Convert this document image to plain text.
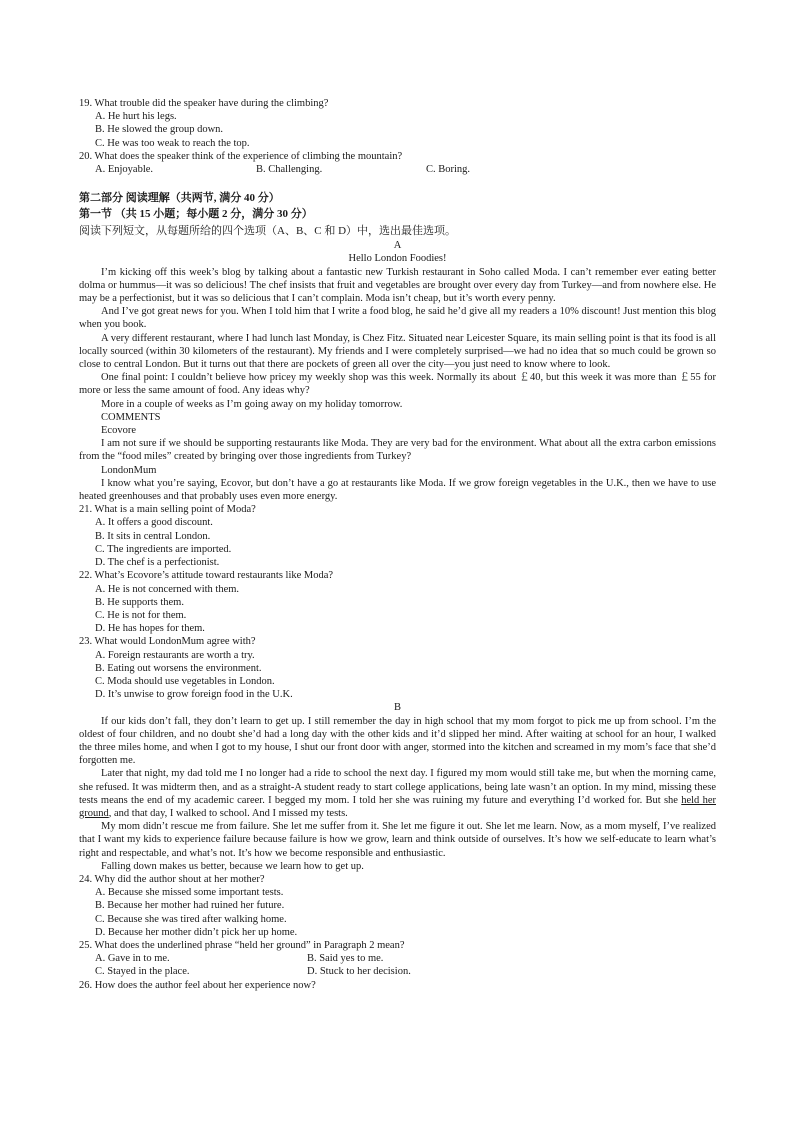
19. What trouble did the speaker have during the climbing?
A. He hurt his legs.
B. He slowed the group down.
C. He was too weak to reach the top.
20. What does the speaker think of the experience of climbing the mountain?
A. Enjoyable.	B. Challenging.	C. Boring.
第二部分 阅读理解（共两节, 满分 40 分）
第一节 （共 15 小题；每小题 2 分，满分 30 分）
阅读下列短文，从每题所给的四个选项（A、B、C 和 D）中，选出最佳选项。
A
Hello London Foodies!
I’m kicking off this week’s blog by talking about a fantastic new Turkish restaurant in Soho called Moda. I can’t remember ever eating better dolma or hummus—it was so delicious! The chef insists that fruit and vegetables are brought over every day from Turkey—and from nowhere else. He may be a perfectionist, but it was so delicious that I can’t complain. Moda isn’t cheap, but it’s worth every penny.
And I’ve got great news for you. When I told him that I write a food blog, he said he’d give all my readers a 10% discount! Just mention this blog when you book.
A very different restaurant, where I had lunch last Monday, is Chez Fitz. Situated near Leicester Square, its main selling point is that its food is all locally sourced (within 30 kilometers of the restaurant). My friends and I were completely surprised—we had no idea that so much could be grown so close to central London. But it turns out that there are pockets of green all over the city—you just need to know where to look.
One final point: I couldn’t believe how pricey my weekly shop was this week. Normally its about ￡40, but this week it was more than ￡55 for more or less the same amount of food. Any ideas why?
More in a couple of weeks as I’m going away on my holiday tomorrow.
COMMENTS
Ecovore
I am not sure if we should be supporting restaurants like Moda. They are very bad for the environment. What about all the extra carbon emissions from the “food miles” created by bringing over those ingredients from Turkey?
LondonMum
I know what you’re saying, Ecovor, but don’t have a go at restaurants like Moda. If we grow foreign vegetables in the U.K., then we have to use heated greenhouses and that probably uses even more energy.
21. What is a main selling point of Moda?
A. It offers a good discount.
B. It sits in central London.
C. The ingredients are imported.
D. The chef is a perfectionist.
22. What’s Ecovore’s attitude toward restaurants like Moda?
A. He is not concerned with them.
B. He supports them.
C. He is not for them.
D. He has hopes for them.
23. What would LondonMum agree with?
A. Foreign restaurants are worth a try.
B. Eating out worsens the environment.
C. Moda should use vegetables in London.
D. It’s unwise to grow foreign food in the U.K.
B
If our kids don’t fall, they don’t learn to get up. I still remember the day in high school that my mom forgot to pick me up from school. I’m the oldest of four children, and no doubt she’d had a long day with the other kids and it’d slipped her mind. After waiting at school for an hour, I walked the three miles home, and when I got to my house, I shut our front door with anger, stormed into the kitchen and screamed in my mom’s face that she’d forgotten me.
Later that night, my dad told me I no longer had a ride to school the next day. I figured my mom would still take me, but when the morning came, she refused. It was midterm then, and as a straight-A student ready to start college applications, being late wasn’t an option. In my mind, missing these tests means the end of my academic career. I begged my mom. I told her she was ruining my future and everything I’d worked for. But she held her ground, and that day, I walked to school. And I missed my tests.
My mom didn’t rescue me from failure. She let me suffer from it. She let me figure it out. She let me learn. Now, as a mom myself, I’ve realized that I want my kids to experience failure because failure is how we grow, learn and think outside of ourselves. It’s how we self-educate to learn what’s right and respectable, and what’s not. It’s how we become responsible and enthusiastic.
Falling down makes us better, because we learn how to get up.
24. Why did the author shout at her mother?
A. Because she missed some important tests.
B. Because her mother had ruined her future.
C. Because she was tired after walking home.
D. Because her mother didn’t pick her up home.
25. What does the underlined phrase “held her ground” in Paragraph 2 mean?
A. Gave in to me.	B. Said yes to me.
C. Stayed in the place.	D. Stuck to her decision.
26. How does the author feel about her experience now?
